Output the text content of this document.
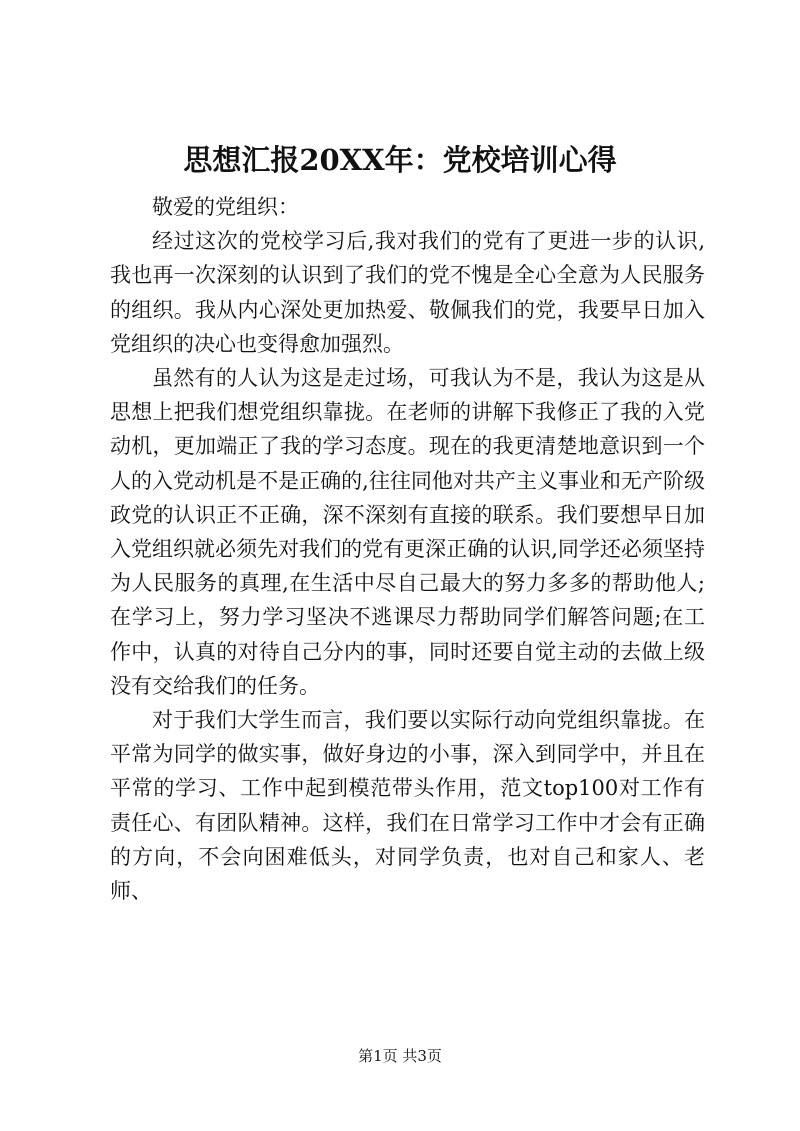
思想汇报20XX年：党校培训心得

敬爱的党组织：

经过这次的党校学习后,我对我们的党有了更进一步的认识,我也再一次深刻的认识到了我们的党不愧是全心全意为人民服务的组织。我从内心深处更加热爱、敬佩我们的党，我要早日加入党组织的决心也变得愈加强烈。

虽然有的人认为这是走过场，可我认为不是，我认为这是从思想上把我们想党组织靠拢。在老师的讲解下我修正了我的入党动机，更加端正了我的学习态度。现在的我更清楚地意识到一个人的入党动机是不是正确的,往往同他对共产主义事业和无产阶级政党的认识正不正确，深不深刻有直接的联系。我们要想早日加入党组织就必须先对我们的党有更深正确的认识,同学还必须坚持为人民服务的真理,在生活中尽自己最大的努力多多的帮助他人;在学习上，努力学习坚决不逃课尽力帮助同学们解答问题;在工作中，认真的对待自己分内的事，同时还要自觉主动的去做上级没有交给我们的任务。

对于我们大学生而言，我们要以实际行动向党组织靠拢。在平常为同学的做实事，做好身边的小事，深入到同学中，并且在平常的学习、工作中起到模范带头作用，范文top100对工作有责任心、有团队精神。这样，我们在日常学习工作中才会有正确的方向，不会向困难低头，对同学负责，也对自己和家人、老师、

第1页 共3页
